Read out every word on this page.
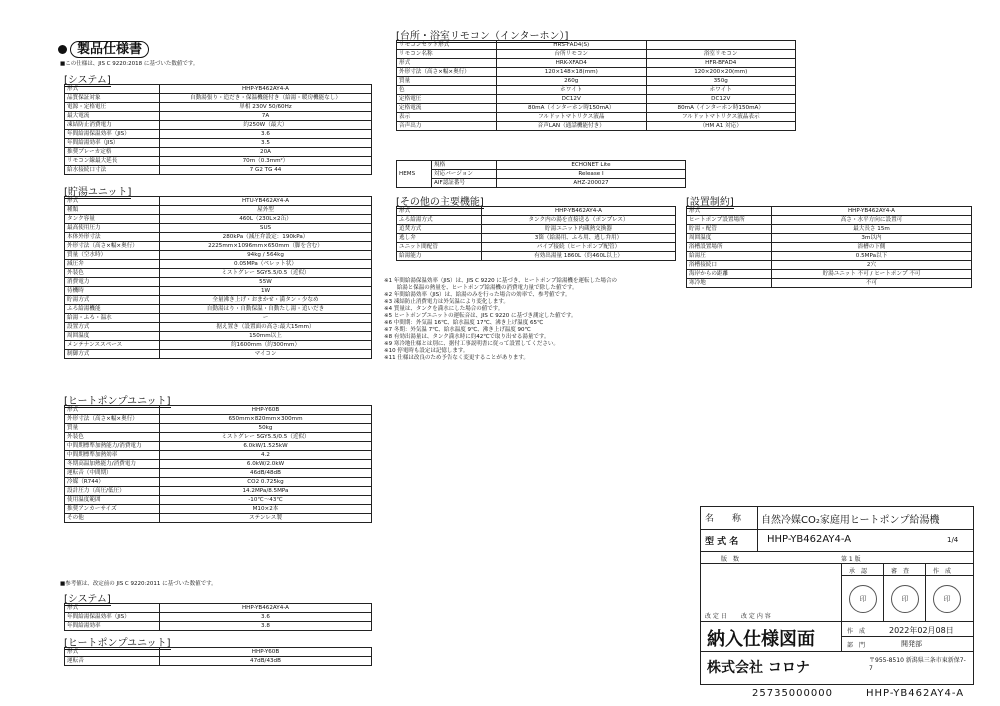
製品仕様書
■この仕様は、JIS C 9220:2018 に基づいた数値です。
[システム]
形式	HHP-YB462AY4-A
品質保証対象	自動湯張り・追だき・保温機能付き（給湯・暖房機能なし）
電源・定格電圧	単相 230V 50/60Hz
最大電流	7A
凍結防止消費電力	約250W（最大）
年間給湯保温効率（JIS）	3.6
年間給湯効率（JIS）	3.5
推奨ブレーカ定格	20A
リモコン線最大延長	70m（0.3mm²）
給水接続口寸法	7 G2 TG 44
[貯湯ユニット]
形式	HTU-YB462AY4-A
種類	屋外型
タンク容量	460L（230L×2缶）
最高使用圧力	SUS
本体外形寸法	280kPa（減圧弁設定：190kPa）
外形寸法（高さ×幅×奥行）	2225mm×1096mm×650mm（脚を含む）
質量（空水時）	94kg / 564kg
減圧弁	0.05MPa（ペレット状）
外装色	ミストグレー 5GY5.5/0.5（近似）
消費電力	55W
待機時	1W
貯湯方式	全量沸き上げ・おまかせ・満タン・少なめ
ふろ給湯機能	自動湯はり・自動保温・自動たし湯・追いだき
給湯・ふろ・温水	ー
設置方式	据え置き（設置面の高さ:最大15mm）
周囲温度	150mm以上
メンテナンススペース	約1600mm（約300mm）
制御方式	マイコン
[ヒートポンプユニット]
形式	HHP-Y60B
外形寸法（高さ×幅×奥行）	650mm×820mm×300mm
質量	50kg
外装色	ミストグレー 5GY5.5/0.5（近似）
中間期標準加熱能力/消費電力	6.0kW/1.525kW
中間期標準加熱効率	4.2
冬期高温加熱能力/消費電力	6.0kW/2.0kW
運転音（中間期）	46dB/48dB
冷媒（R744）	CO2 0.725kg
設計圧力（高圧/低圧）	14.2MPa/8.5MPa
使用温度範囲	-10℃〜43℃
推奨アンカーサイズ	M10×2本
その他	ステンレス製
■参考値は、改定前の JIS C 9220:2011 に基づいた数値です。
[システム]
形式	HHP-YB462AY4-A
年間給湯保温効率（JIS）	3.6
年間給湯効率	3.8
[ヒートポンプユニット]
形式	HHP-Y60B
運転音	47dB/43dB
[台所・浴室リモコン（インターホン）]
リモコンセット形式	HRS-FAD4(S)	
リモコン名称	台所リモコン	浴室リモコン
形式	HRK-XFAD4	HFR-BFAD4
外形寸法（高さ×幅×奥行）	120×148×18(mm)	120×200×20(mm)
質量	260g	350g
色	ホワイト	ホワイト
定格電圧	DC12V	DC12V
定格電流	80mA（インターホン時150mA）	80mA（インターホン時150mA）
表示	フルドットマトリクス液晶	フルドットマトリクス液晶表示
音声出力	音声LAN（通話機能付き）	（HM A1 対応）
HEMS	規格	ECHONET Lite
	対応バージョン	Release I
	AIF認証番号	AHZ-200027
[その他の主要機能]
形式	HHP-YB462AY4-A
ふろ給湯方式	タンク内の湯を直接送る（ポンプレス）
追焚方式	貯湯ユニット内蔵熱交換器
逃し弁	3箇（給湯用、ふろ用、逃し弁用）
ユニット間配管	パイプ接続（ヒートポンプ配管）
給湯能力	有効出湯量 1860L（約460L以上）
[設置制約]
形式	HHP-YB462AY4-A
ヒートポンプ設置場所	高さ・水平方向に設置可
貯湯・配管	最大長さ 15m
周囲温度	3m以内
浴槽設置場所	浴槽の下側
給湯圧	0.5MPa以下
浴槽接続口	2穴
海岸からの距離	貯湯ユニット 不可 / ヒートポンプ 不可
寒冷地	不可
※1 年間給湯保温効率（JIS）は、JIS C 9220 に基づき、ヒートポンプ給湯機を運転した場合の
　　 給湯と保温の熱量を、ヒートポンプ給湯機の消費電力量で除した値です。
※2 年間給湯効率（JIS）は、給湯のみを行った場合の効率で、参考値です。
※3 凍結防止消費電力は外気温により変化します。
※4 質量は、タンクを満水にした場合の値です。
※5 ヒートポンプユニットの運転音は、JIS C 9220 に基づき測定した値です。
※6 中間期：外気温 16℃、給水温度 17℃、沸き上げ温度 65℃
※7 冬期：外気温 7℃、給水温度 9℃、沸き上げ温度 90℃
※8 有効出湯量は、タンク満水時に約42℃で取り出せる湯量です。
※9 寒冷地仕様とは別に、据付工事説明書に従って設置してください。
※10 停電時も設定は記憶します。
※11 仕様は改良のため予告なく変更することがあります。
名　　称 自然冷媒CO₂家庭用ヒートポンプ給湯機
型 式 名	HHP-YB462AY4-A	1/4
版　数	第 1 版
承　認	審　査	作　成
印	印	印
改 定 日 改 定 内 容
納入仕様図面	作　成	2022年02月08日
部　門	開発部
株式会社 コロナ	〒955-8510 新潟県三条市東新保7-7
25735000000	HHP-YB462AY4-A
